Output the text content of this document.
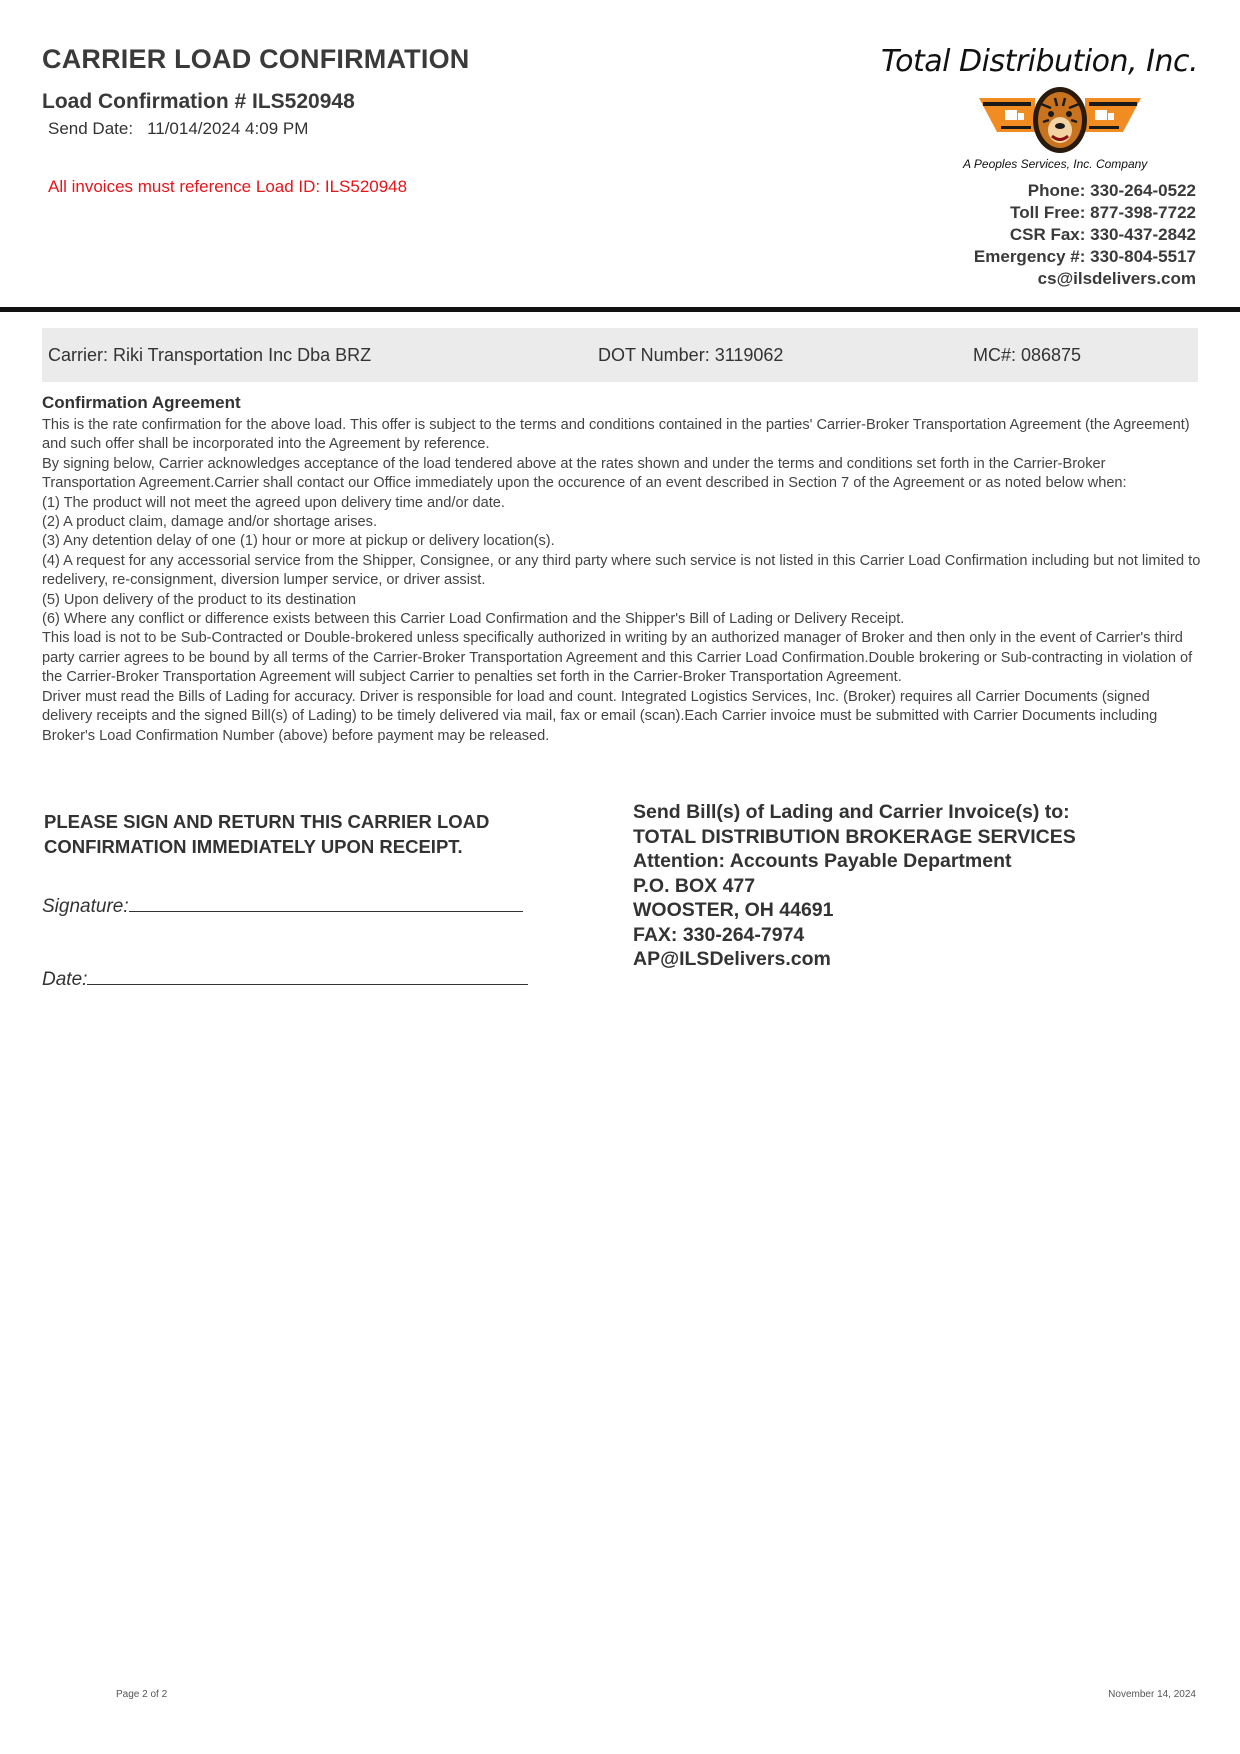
CARRIER LOAD CONFIRMATION
Load Confirmation # ILS520948
Send Date: 11/014/2024 4:09 PM
All invoices must reference Load ID: ILS520948
Total Distribution, Inc.
A Peoples Services, Inc. Company
Phone: 330-264-0522
Toll Free: 877-398-7722
CSR Fax: 330-437-2842
Emergency #: 330-804-5517
cs@ilsdelivers.com
Carrier: Riki Transportation Inc Dba BRZ	DOT Number: 3119062	MC#: 086875
Confirmation Agreement

This is the rate confirmation for the above load. This offer is subject to the terms and conditions contained in the parties' Carrier-Broker Transportation Agreement (the Agreement) and such offer shall be incorporated into the Agreement by reference.

By signing below, Carrier acknowledges acceptance of the load tendered above at the rates shown and under the terms and conditions set forth in the Carrier-Broker Transportation Agreement.Carrier shall contact our Office immediately upon the occurence of an event described in Section 7 of the Agreement or as noted below when:

(1) The product will not meet the agreed upon delivery time and/or date.

(2) A product claim, damage and/or shortage arises.

(3) Any detention delay of one (1) hour or more at pickup or delivery location(s).

(4) A request for any accessorial service from the Shipper, Consignee, or any third party where such service is not listed in this Carrier Load Confirmation including but not limited to redelivery, re-consignment, diversion lumper service, or driver assist.

(5) Upon delivery of the product to its destination

(6) Where any conflict or difference exists between this Carrier Load Confirmation and the Shipper's Bill of Lading or Delivery Receipt.

This load is not to be Sub-Contracted or Double-brokered unless specifically authorized in writing by an authorized manager of Broker and then only in the event of Carrier's third party carrier agrees to be bound by all terms of the Carrier-Broker Transportation Agreement and this Carrier Load Confirmation.Double brokering or Sub-contracting in violation of the Carrier-Broker Transportation Agreement will subject Carrier to penalties set forth in the Carrier-Broker Transportation Agreement.

Driver must read the Bills of Lading for accuracy. Driver is responsible for load and count. Integrated Logistics Services, Inc. (Broker) requires all Carrier Documents (signed delivery receipts and the signed Bill(s) of Lading) to be timely delivered via mail, fax or email (scan).Each Carrier invoice must be submitted with Carrier Documents including Broker's Load Confirmation Number (above) before payment may be released.

PLEASE SIGN AND RETURN THIS CARRIER LOAD CONFIRMATION IMMEDIATELY UPON RECEIPT.
Signature:
Date:
Send Bill(s) of Lading and Carrier Invoice(s) to:
TOTAL DISTRIBUTION BROKERAGE SERVICES
Attention: Accounts Payable Department
P.O. BOX 477
WOOSTER, OH 44691
FAX: 330-264-7974
AP@ILSDelivers.com
Page 2 of 2	November 14, 2024
